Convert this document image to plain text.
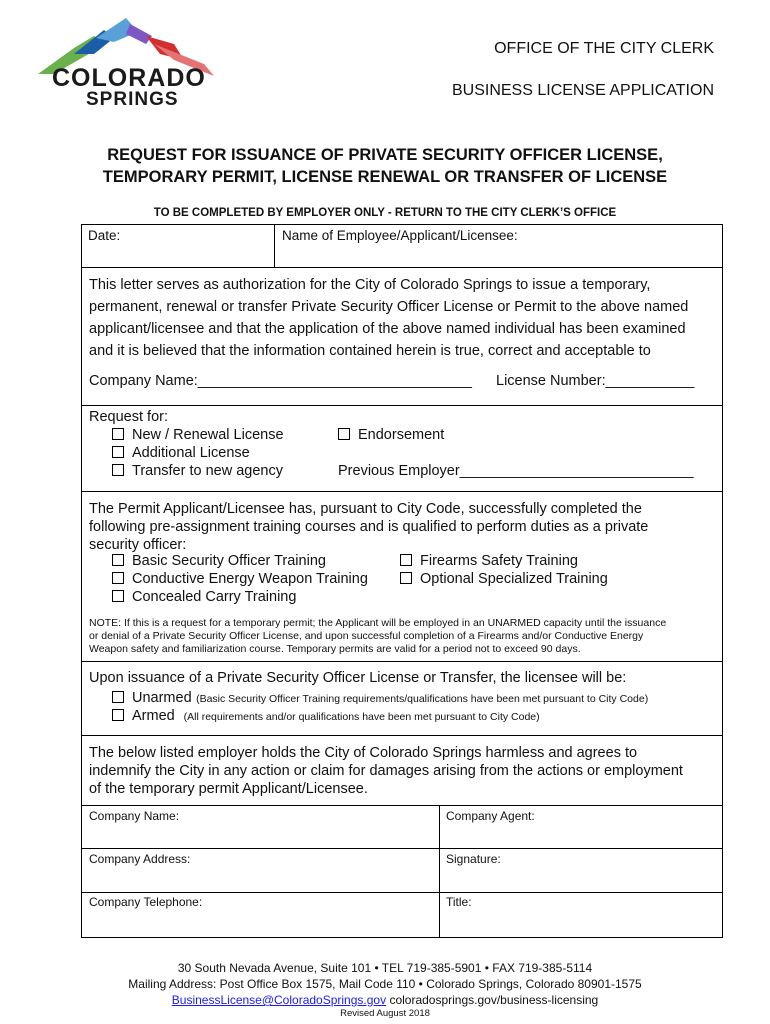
COLORADO
SPRINGS
OFFICE OF THE CITY CLERK
BUSINESS LICENSE APPLICATION
REQUEST FOR ISSUANCE OF PRIVATE SECURITY OFFICER LICENSE,
TEMPORARY PERMIT, LICENSE RENEWAL OR TRANSFER OF LICENSE
TO BE COMPLETED BY EMPLOYER ONLY - RETURN TO THE CITY CLERK’S OFFICE
Date:	Name of Employee/Applicant/Licensee:
This letter serves as authorization for the City of Colorado Springs to issue a temporary,
permanent, renewal or transfer Private Security Officer License or Permit to the above named
applicant/licensee and that the application of the above named individual has been examined
and it is believed that the information contained herein is true, correct and acceptable to
Company Name:__________________________________ License Number:___________
Request for:
New / Renewal License
Additional License
Transfer to new agency
Endorsement
Previous Employer_____________________________
The Permit Applicant/Licensee has, pursuant to City Code, successfully completed the
following pre-assignment training courses and is qualified to perform duties as a private
security officer:
Basic Security Officer Training
Conductive Energy Weapon Training
Concealed Carry Training
Firearms Safety Training
Optional Specialized Training
NOTE: If this is a request for a temporary permit; the Applicant will be employed in an UNARMED capacity until the issuance
or denial of a Private Security Officer License, and upon successful completion of a Firearms and/or Conductive Energy
Weapon safety and familiarization course. Temporary permits are valid for a period not to exceed 90 days.
Upon issuance of a Private Security Officer License or Transfer, the licensee will be:
Unarmed (Basic Security Officer Training requirements/qualifications have been met pursuant to City Code)
Armed (All requirements and/or qualifications have been met pursuant to City Code)
The below listed employer holds the City of Colorado Springs harmless and agrees to
indemnify the City in any action or claim for damages arising from the actions or employment
of the temporary permit Applicant/Licensee.
Company Name:	Company Agent:
Company Address:	Signature:
Company Telephone:	Title:
30 South Nevada Avenue, Suite 101 • TEL 719-385-5901 • FAX 719-385-5114
Mailing Address: Post Office Box 1575, Mail Code 110 • Colorado Springs, Colorado 80901-1575
BusinessLicense@ColoradoSprings.gov coloradosprings.gov/business-licensing
Revised August 2018
